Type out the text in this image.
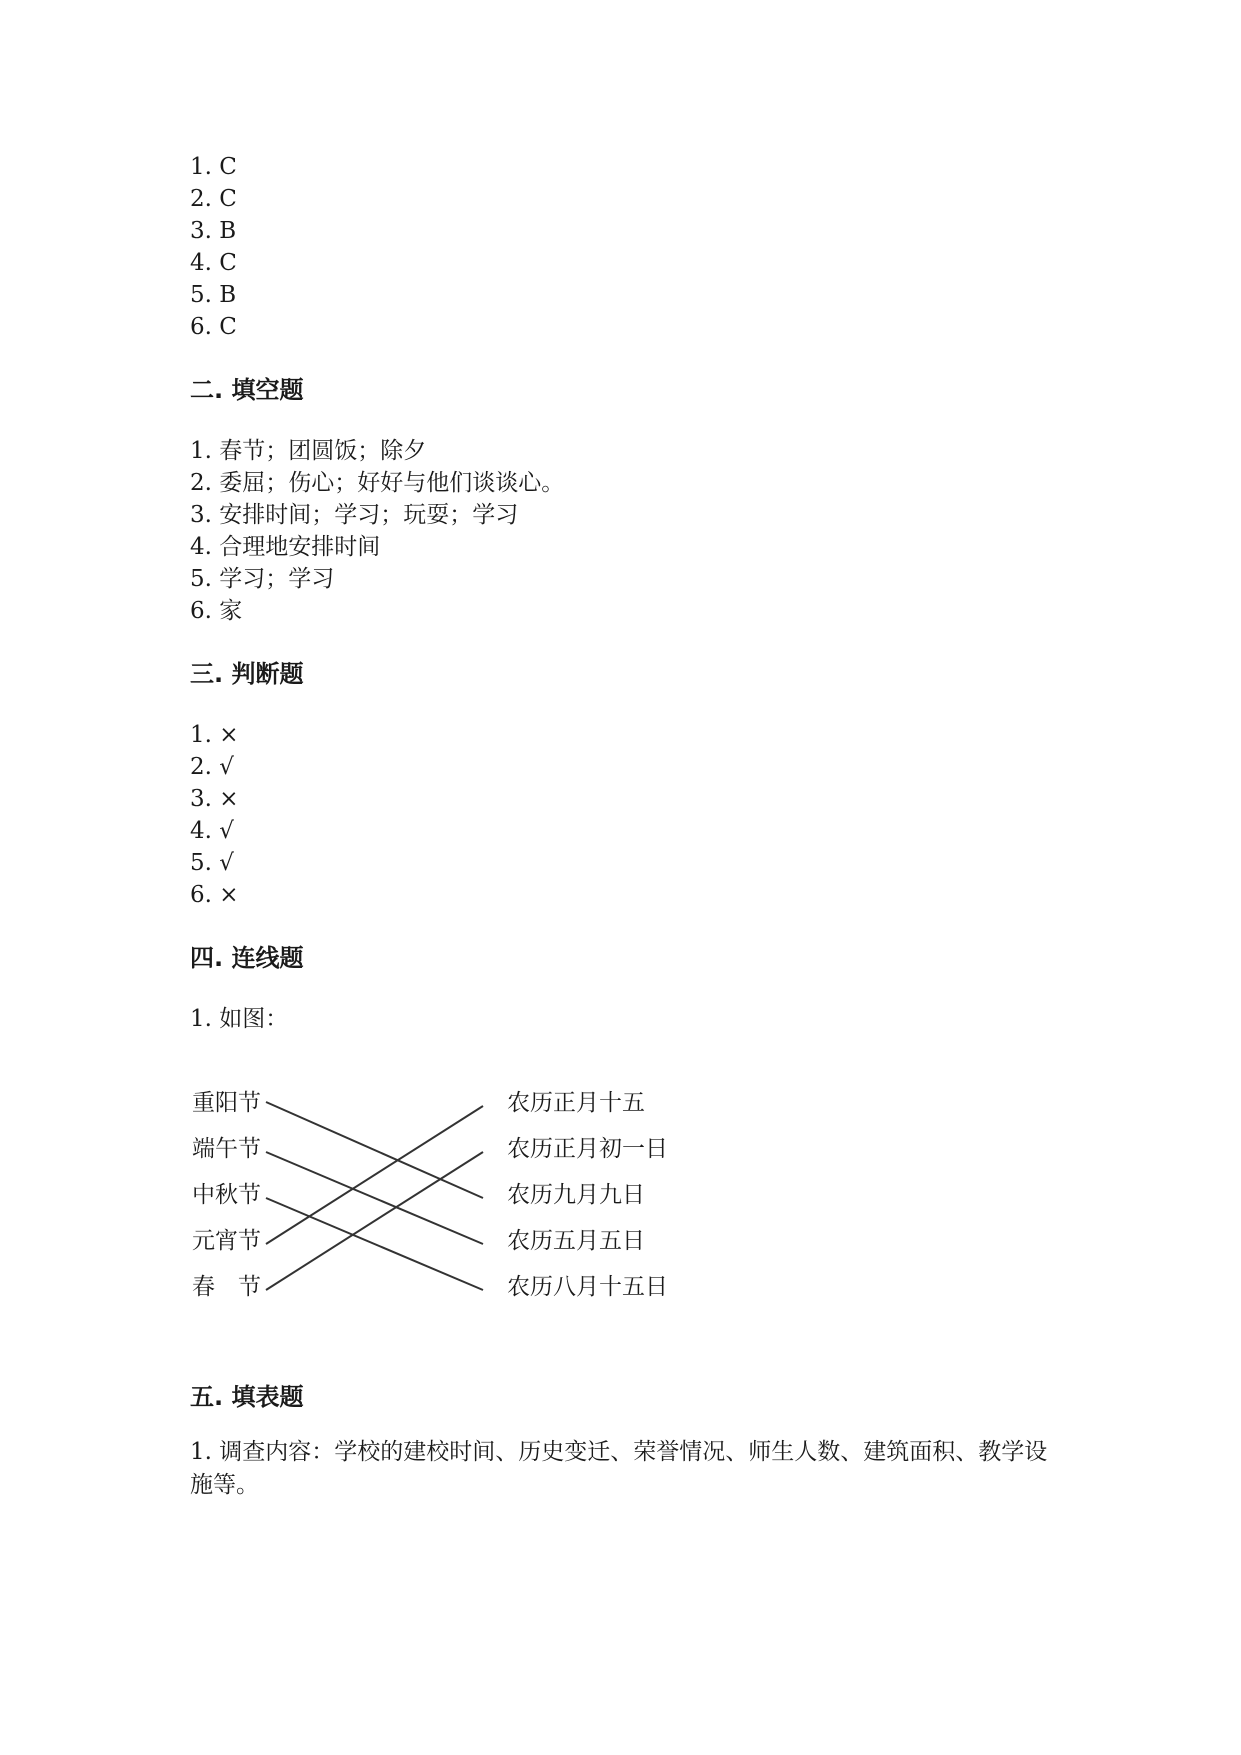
1. C
2. C
3. B
4. C
5. B
6. C
二. 填空题
1. 春节；团圆饭；除夕
2. 委屈；伤心；好好与他们谈谈心。
3. 安排时间；学习；玩耍；学习
4. 合理地安排时间
5. 学习；学习
6. 家
三. 判断题
1. ×
2. √
3. ×
4. √
5. √
6. ×
四. 连线题
1. 如图：
重阳节
端午节
中秋节
元宵节
春　节
农历正月十五
农历正月初一日
农历九月九日
农历五月五日
农历八月十五日
五. 填表题
1. 调查内容：学校的建校时间、历史变迁、荣誉情况、师生人数、建筑面积、教学设施等。
